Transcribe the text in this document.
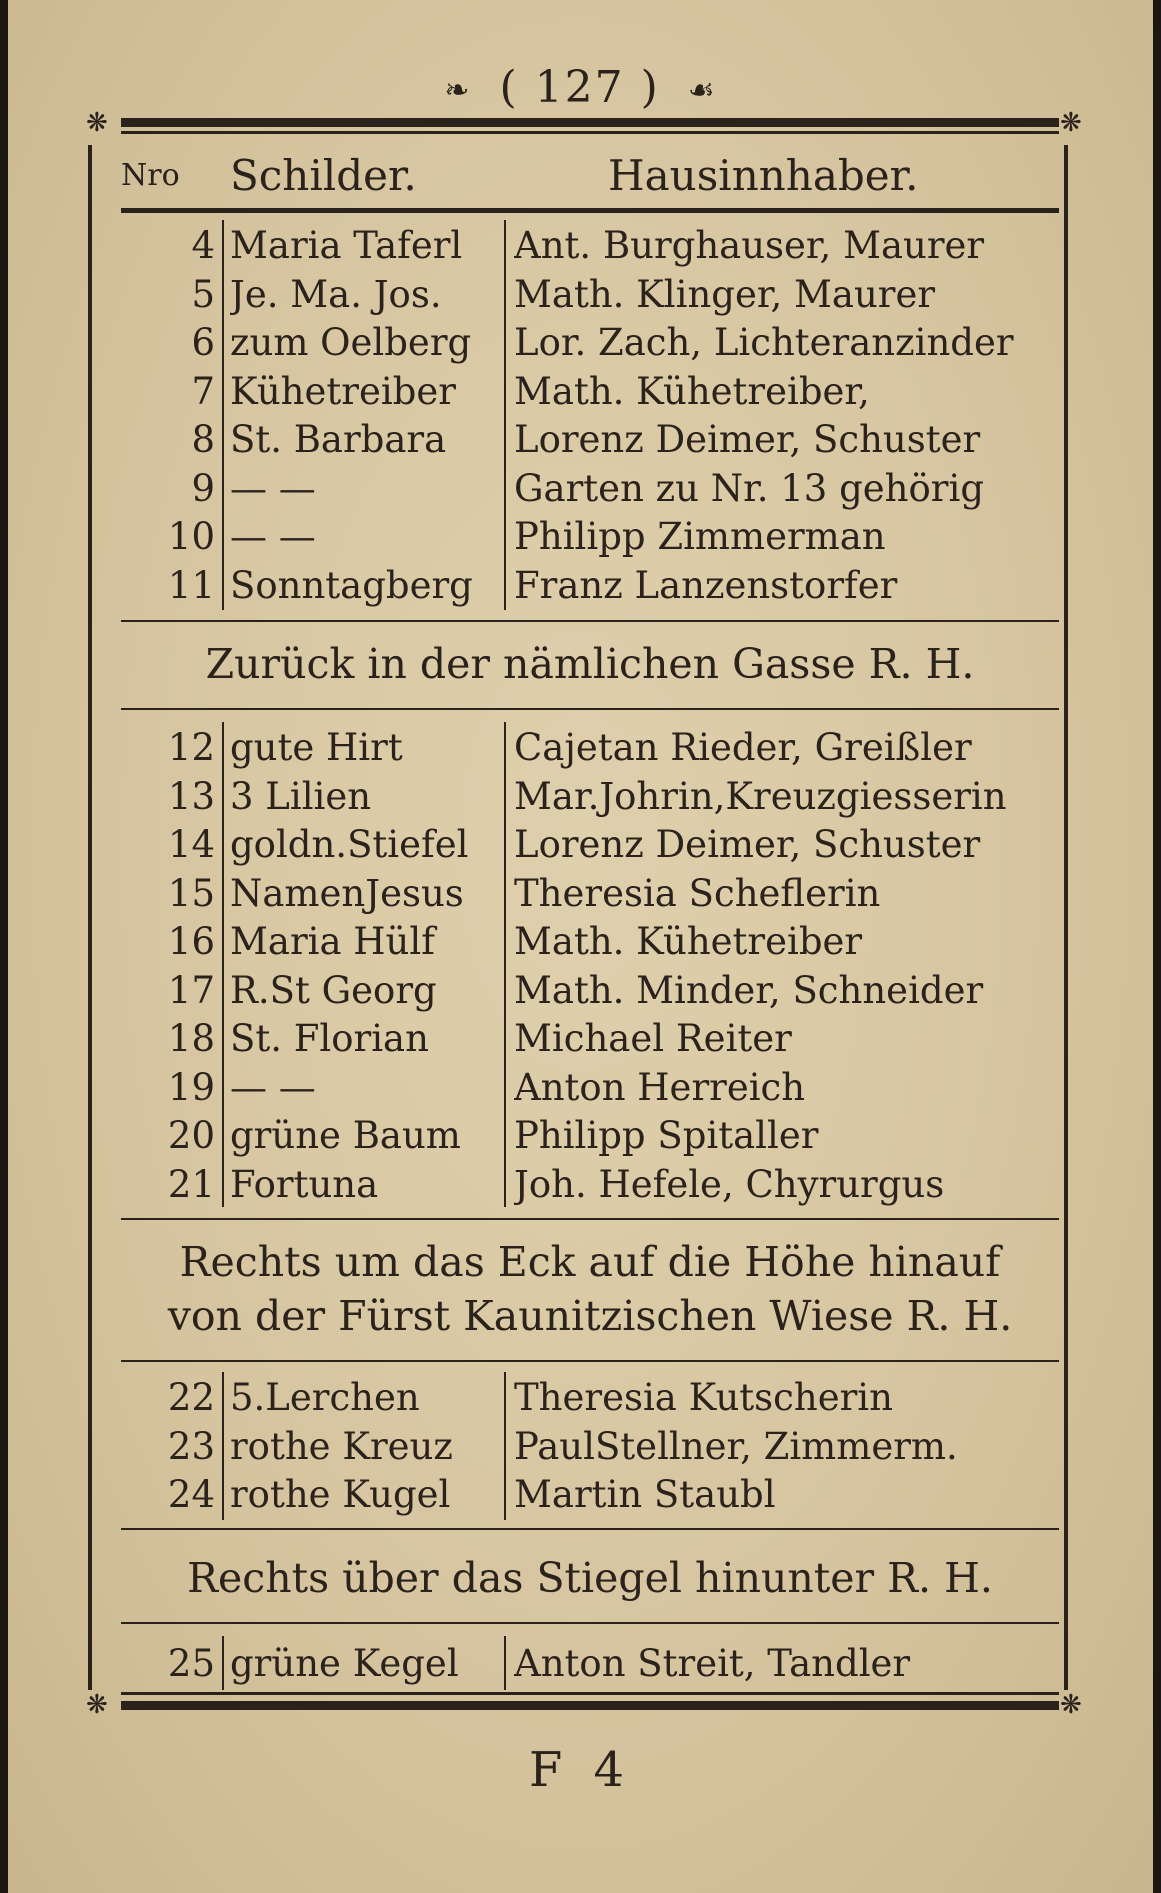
❧ ( 127 ) ☙
❋	❋
Nro	Schilder.	Hausinnhaber.
4 Maria Taferl	Ant. Burghauser, Maurer
5 Je. Ma. Jos.	Math. Klinger, Maurer
6 zum Oelberg	Lor. Zach, Lichteranzinder
7 Kühetreiber	Math. Kühetreiber,
8 St. Barbara	Lorenz Deimer, Schuster
9 — —	Garten zu Nr. 13 gehörig
10 — —	Philipp Zimmerman
11 Sonntagberg	Franz Lanzenstorfer
Zurück in der nämlichen Gasse R. H.
12 gute Hirt	Cajetan Rieder, Greißler
13 3 Lilien	Mar.Johrin,Kreuzgiesserin
14 goldn.Stiefel	Lorenz Deimer, Schuster
15 NamenJesus	Theresia Scheflerin
16 Maria Hülf	Math. Kühetreiber
17 R.St Georg	Math. Minder, Schneider
18 St. Florian	Michael Reiter
19 — —	Anton Herreich
20 grüne Baum	Philipp Spitaller
21 Fortuna	Joh. Hefele, Chyrurgus
Rechts um das Eck auf die Höhe hinauf
von der Fürst Kaunitzischen Wiese R. H.
22 5.Lerchen	Theresia Kutscherin
23 rothe Kreuz	PaulStellner, Zimmerm.
24 rothe Kugel	Martin Staubl
Rechts über das Stiegel hinunter R. H.
25 grüne Kegel	Anton Streit, Tandler
❋	❋
F 4
